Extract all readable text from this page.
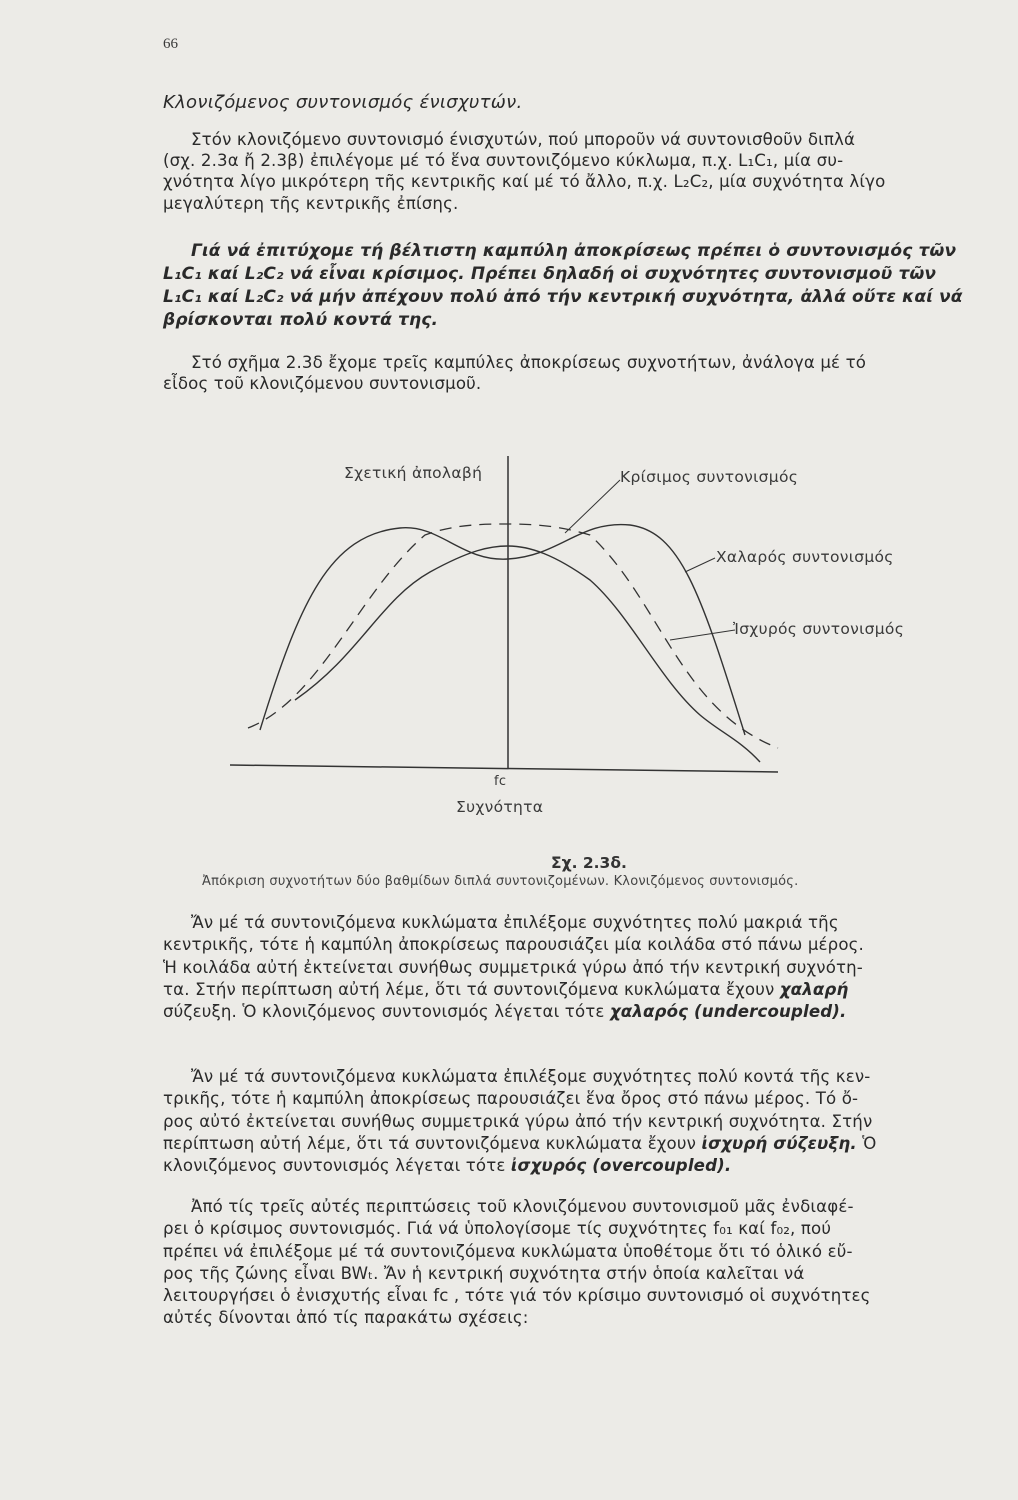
66
Κλονιζόμενος συντονισμός ένισχυτών.

Στόν κλονιζόμενο συντονισμό ένισχυτών, πού μποροῦν νά συντονισθοῦν διπλά
(σχ. 2.3α ἤ 2.3β) ἐπιλέγομε μέ τό ἕνα συντονιζόμενο κύκλωμα, π.χ. L₁C₁, μία συ-
χνότητα λίγο μικρότερη τῆς κεντρικῆς καί μέ τό ἄλλο, π.χ. L₂C₂, μία συχνότητα λίγο
μεγαλύτερη τῆς κεντρικῆς ἐπίσης.

Γιά νά ἐπιτύχομε τή βέλτιστη καμπύλη ἀποκρίσεως πρέπει ὁ συντονισμός τῶν
L₁C₁ καί L₂C₂ νά εἶναι κρίσιμος. Πρέπει δηλαδή οἱ συχνότητες συντονισμοῦ τῶν
L₁C₁ καί L₂C₂ νά μήν ἀπέχουν πολύ ἀπό τήν κεντρική συχνότητα, ἀλλά οὔτε καί νά
βρίσκονται πολύ κοντά της.

Στό σχῆμα 2.3δ ἔχομε τρεῖς καμπύλες ἀποκρίσεως συχνοτήτων, ἀνάλογα μέ τό
εἶδος τοῦ κλονιζόμενου συντονισμοῦ.

Σχετική ἀπολαβή	Κρίσιμος συντονισμός
Χαλαρός συντονισμός
Ἰσχυρός συντονισμός
fc
Συχνότητα
Σχ. 2.3δ.
Ἀπόκριση συχνοτήτων δύο βαθμίδων διπλά συντονιζομένων. Κλονιζόμενος συντονισμός.

Ἄν μέ τά συντονιζόμενα κυκλώματα ἐπιλέξομε συχνότητες πολύ μακριά τῆς
κεντρικῆς, τότε ἡ καμπύλη ἀποκρίσεως παρουσιάζει μία κοιλάδα στό πάνω μέρος.
Ἡ κοιλάδα αὐτή ἐκτείνεται συνήθως συμμετρικά γύρω ἀπό τήν κεντρική συχνότη-
τα. Στήν περίπτωση αὐτή λέμε, ὅτι τά συντονιζόμενα κυκλώματα ἔχουν χαλαρή
σύζευξη. Ὁ κλονιζόμενος συντονισμός λέγεται τότε χαλαρός (undercoupled).

Ἄν μέ τά συντονιζόμενα κυκλώματα ἐπιλέξομε συχνότητες πολύ κοντά τῆς κεν-
τρικῆς, τότε ἡ καμπύλη ἀποκρίσεως παρουσιάζει ἕνα ὄρος στό πάνω μέρος. Τό ὄ-
ρος αὐτό ἐκτείνεται συνήθως συμμετρικά γύρω ἀπό τήν κεντρική συχνότητα. Στήν
περίπτωση αὐτή λέμε, ὅτι τά συντονιζόμενα κυκλώματα ἔχουν ἰσχυρή σύζευξη. Ὁ
κλονιζόμενος συντονισμός λέγεται τότε ἰσχυρός (overcoupled).

Ἀπό τίς τρεῖς αὐτές περιπτώσεις τοῦ κλονιζόμενου συντονισμοῦ μᾶς ἐνδιαφέ-
ρει ὁ κρίσιμος συντονισμός. Γιά νά ὑπολογίσομε τίς συχνότητες f₀₁ καί f₀₂, πού
πρέπει νά ἐπιλέξομε μέ τά συντονιζόμενα κυκλώματα ὑποθέτομε ὅτι τό ὁλικό εὔ-
ρος τῆς ζώνης εἶναι BWₜ. Ἄν ἡ κεντρική συχνότητα στήν ὁποία καλεῖται νά
λειτουργήσει ὁ ἐνισχυτής εἶναι fc , τότε γιά τόν κρίσιμο συντονισμό οἱ συχνότητες
αὐτές δίνονται ἀπό τίς παρακάτω σχέσεις:
